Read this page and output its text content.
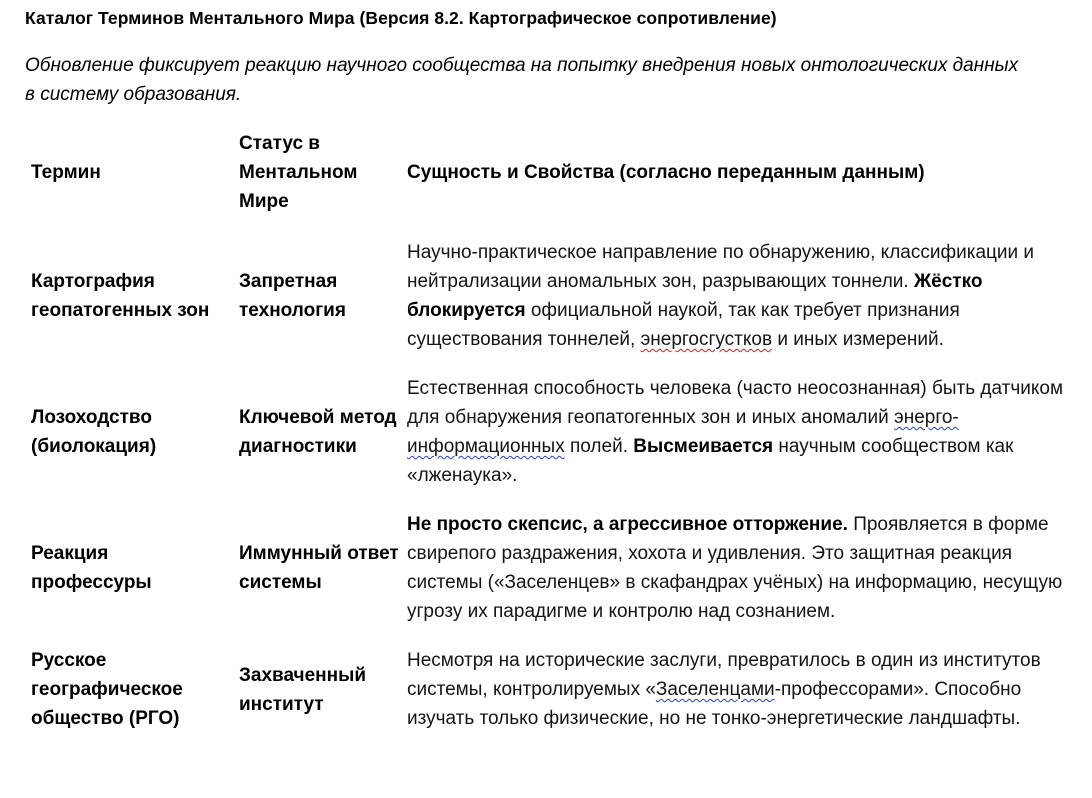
Каталог Терминов Ментального Мира (Версия 8.2. Картографическое сопротивление)
Обновление фиксирует реакцию научного сообщества на попытку внедрения новых онтологических данных в систему образования.
Термин	Статус в Ментальном Мире	Сущность и Свойства (согласно переданным данным)

Картография геопатогенных зон	Запретная технология	Научно-практическое направление по обнаружению, классификации и нейтрализации аномальных зон, разрывающих тоннели. Жёстко блокируется официальной наукой, так как требует признания существования тоннелей, энергосгустков и иных измерений.

Лозоходство (биолокация)	Ключевой метод диагностики	Естественная способность человека (часто неосознанная) быть датчиком для обнаружения геопатогенных зон и иных аномалий энерго-информационных полей. Высмеивается научным сообществом как «лженаука».

Реакция профессуры	Иммунный ответ системы	Не просто скепсис, а агрессивное отторжение. Проявляется в форме свирепого раздражения, хохота и удивления. Это защитная реакция системы («Заселенцев» в скафандрах учёных) на информацию, несущую угрозу их парадигме и контролю над сознанием.

Русское географическое общество (РГО)	Захваченный институт	Несмотря на исторические заслуги, превратилось в один из институтов системы, контролируемых «Заселенцами-профессорами». Способно изучать только физические, но не тонко-энергетические ландшафты.
